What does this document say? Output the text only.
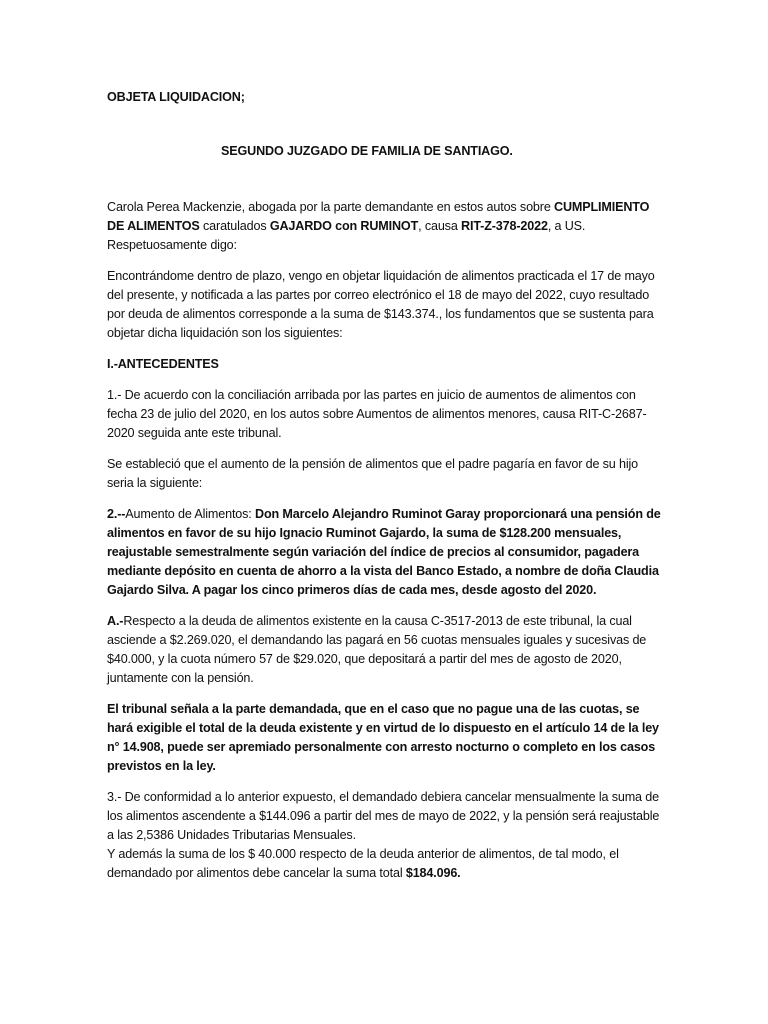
OBJETA LIQUIDACION;

SEGUNDO JUZGADO DE FAMILIA DE SANTIAGO.

Carola Perea Mackenzie, abogada por la parte demandante en estos autos sobre CUMPLIMIENTO DE ALIMENTOS caratulados GAJARDO con RUMINOT, causa RIT-Z-378-2022, a US.
Respetuosamente digo:

Encontrándome dentro de plazo, vengo en objetar liquidación de alimentos practicada el 17 de mayo del presente, y notificada a las partes por correo electrónico el 18 de mayo del 2022, cuyo resultado por deuda de alimentos corresponde a la suma de $143.374., los fundamentos que se sustenta para objetar dicha liquidación son los siguientes:

I.-ANTECEDENTES

1.- De acuerdo con la conciliación arribada por las partes en juicio de aumentos de alimentos con fecha 23 de julio del 2020, en los autos sobre Aumentos de alimentos menores, causa RIT-C-2687-2020 seguida ante este tribunal.

Se estableció que el aumento de la pensión de alimentos que el padre pagaría en favor de su hijo seria la siguiente:

2.--Aumento de Alimentos: Don Marcelo Alejandro Ruminot Garay proporcionará una pensión de alimentos en favor de su hijo Ignacio Ruminot Gajardo, la suma de $128.200 mensuales, reajustable semestralmente según variación del índice de precios al consumidor, pagadera mediante depósito en cuenta de ahorro a la vista del Banco Estado, a nombre de doña Claudia Gajardo Silva. A pagar los cinco primeros días de cada mes, desde agosto del 2020.

A.-Respecto a la deuda de alimentos existente en la causa C-3517-2013 de este tribunal, la cual asciende a $2.269.020, el demandando las pagará en 56 cuotas mensuales iguales y sucesivas de $40.000, y la cuota número 57 de $29.020, que depositará a partir del mes de agosto de 2020, juntamente con la pensión.

El tribunal señala a la parte demandada, que en el caso que no pague una de las cuotas, se hará exigible el total de la deuda existente y en virtud de lo dispuesto en el artículo 14 de la ley n° 14.908, puede ser apremiado personalmente con arresto nocturno o completo en los casos previstos en la ley.

3.- De conformidad a lo anterior expuesto, el demandado debiera cancelar mensualmente la suma de los alimentos ascendente a $144.096 a partir del mes de mayo de 2022, y la pensión será reajustable a las 2,5386 Unidades Tributarias Mensuales.
Y además la suma de los $ 40.000 respecto de la deuda anterior de alimentos, de tal modo, el demandado por alimentos debe cancelar la suma total $184.096.
